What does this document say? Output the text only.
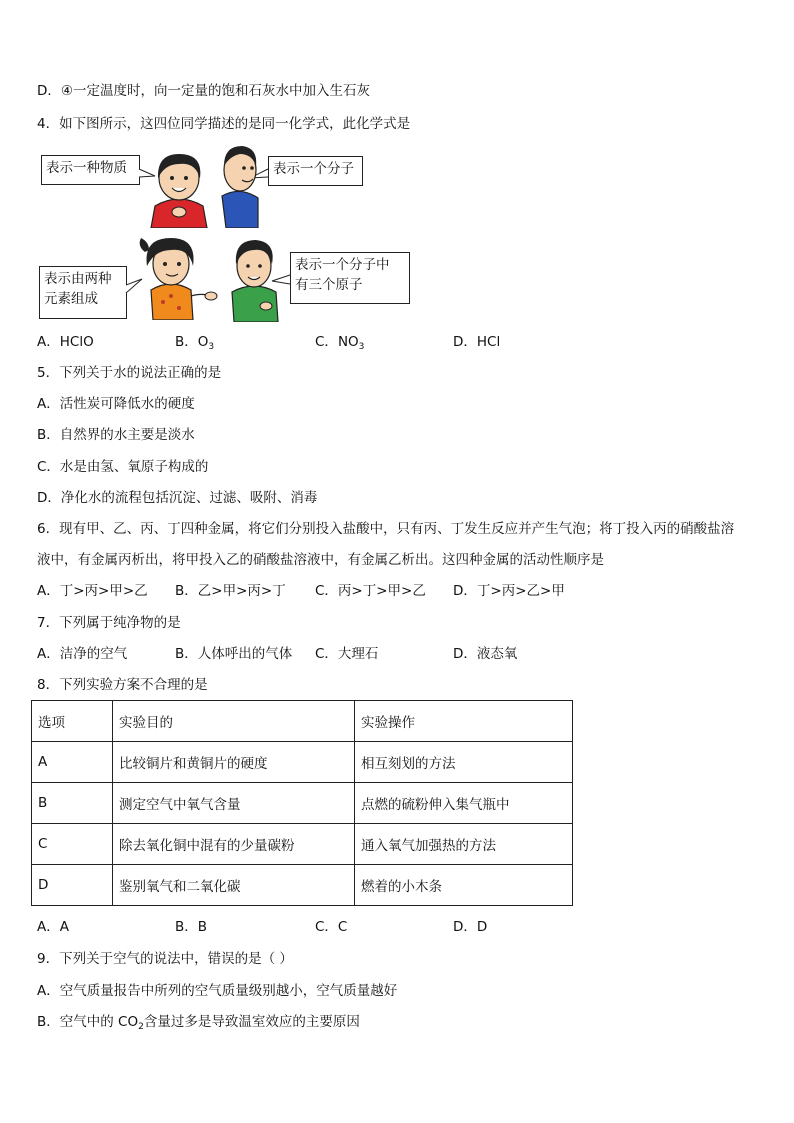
D．④一定温度时，向一定量的饱和石灰水中加入生石灰
4．如下图所示，这四位同学描述的是同一化学式，此化学式是
表示一种物质	表示一个分子
表示由两种
元素组成
表示一个分子中
有三个原子
A．HClO	B．$O_3$	C．$NO_3$	D．HCl
5．下列关于水的说法正确的是
A．活性炭可降低水的硬度
B．自然界的水主要是淡水
C．水是由氢、氧原子构成的
D．净化水的流程包括沉淀、过滤、吸附、消毒
6．现有甲、乙、丙、丁四种金属，将它们分别投入盐酸中，只有丙、丁发生反应并产生气泡；将丁投入丙的硝酸盐溶
液中，有金属丙析出，将甲投入乙的硝酸盐溶液中，有金属乙析出。这四种金属的活动性顺序是
A．丁>丙>甲>乙 B．乙>甲>丙>丁 C．丙>丁>甲>乙 D．丁>丙>乙>甲
7．下列属于纯净物的是
A．洁净的空气	B．人体呼出的气体 C．大理石	D．液态氧
8．下列实验方案不合理的是
选项	实验目的	实验操作
A	比较铜片和黄铜片的硬度	相互刻划的方法
B	测定空气中氧气含量	点燃的硫粉伸入集气瓶中
C	除去氧化铜中混有的少量碳粉	通入氧气加强热的方法
D	鉴别氧气和二氧化碳	燃着的小木条
A．A	B．B	C．C	D．D
9．下列关于空气的说法中，错误的是（ ）
A．空气质量报告中所列的空气质量级别越小，空气质量越好
B．空气中的 $CO_2$含量过多是导致温室效应的主要原因
